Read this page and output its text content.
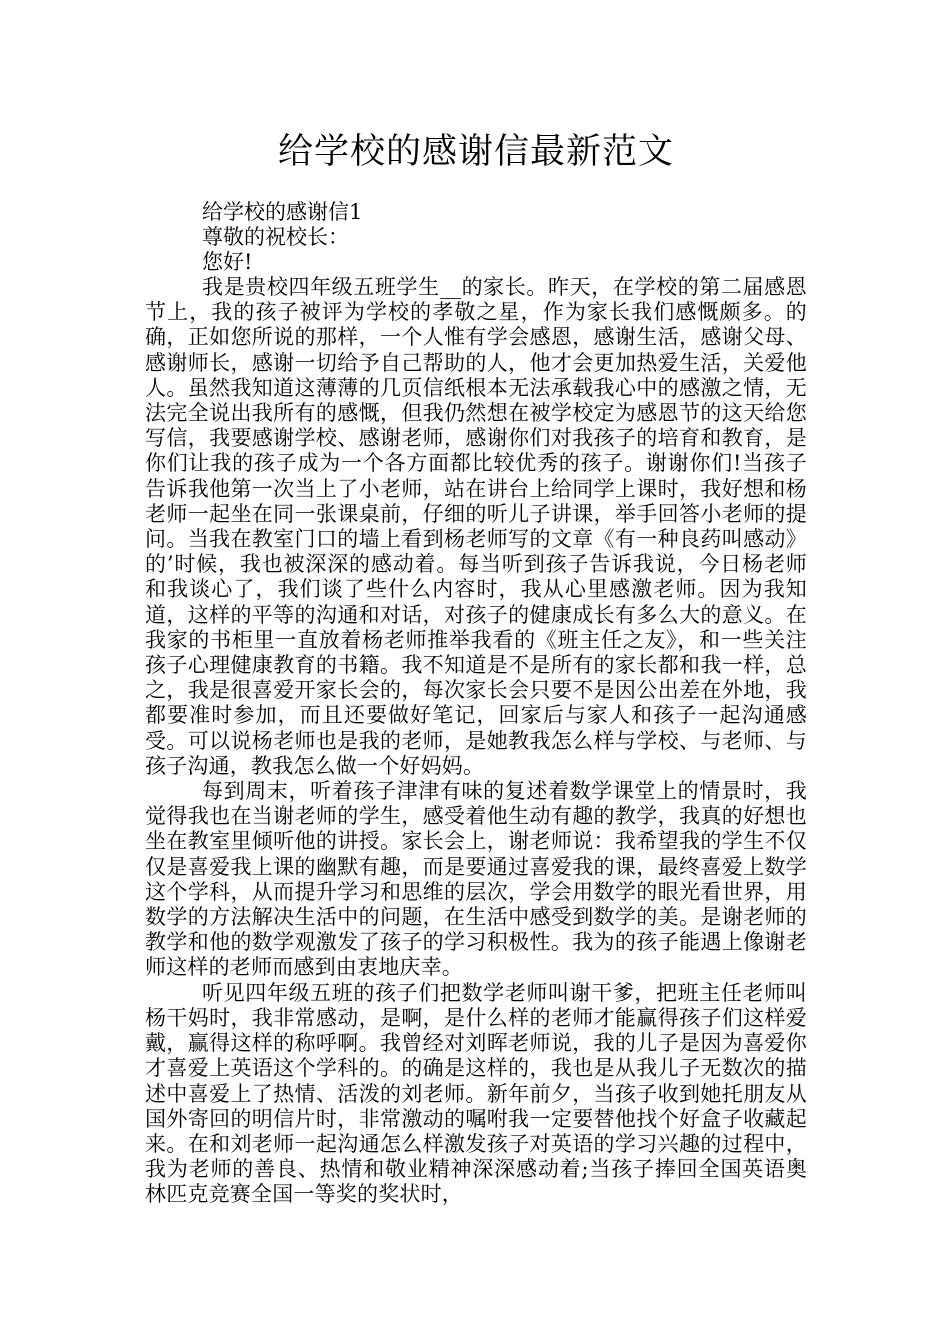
给学校的感谢信最新范文

给学校的感谢信1

尊敬的祝校长：

您好!

我是贵校四年级五班学生__的家长。昨天，在学校的第二届感恩节上，我的孩子被评为学校的孝敬之星，作为家长我们感慨颇多。的确，正如您所说的那样，一个人惟有学会感恩，感谢生活，感谢父母、感谢师长，感谢一切给予自己帮助的人，他才会更加热爱生活，关爱他人。虽然我知道这薄薄的几页信纸根本无法承载我心中的感激之情，无法完全说出我所有的感慨，但我仍然想在被学校定为感恩节的这天给您写信，我要感谢学校、感谢老师，感谢你们对我孩子的培育和教育，是你们让我的孩子成为一个各方面都比较优秀的孩子。谢谢你们!当孩子告诉我他第一次当上了小老师，站在讲台上给同学上课时，我好想和杨老师一起坐在同一张课桌前，仔细的听儿子讲课，举手回答小老师的提问。当我在教室门口的墙上看到杨老师写的文章《有一种良药叫感动》的’时候，我也被深深的感动着。每当听到孩子告诉我说，今日杨老师和我谈心了，我们谈了些什么内容时，我从心里感激老师。因为我知道，这样的平等的沟通和对话，对孩子的健康成长有多么大的意义。在我家的书柜里一直放着杨老师推举我看的《班主任之友》，和一些关注孩子心理健康教育的书籍。我不知道是不是所有的家长都和我一样，总之，我是很喜爱开家长会的，每次家长会只要不是因公出差在外地，我都要准时参加，而且还要做好笔记，回家后与家人和孩子一起沟通感受。可以说杨老师也是我的老师，是她教我怎么样与学校、与老师、与孩子沟通，教我怎么做一个好妈妈。

每到周末，听着孩子津津有味的复述着数学课堂上的情景时，我觉得我也在当谢老师的学生，感受着他生动有趣的教学，我真的好想也坐在教室里倾听他的讲授。家长会上，谢老师说：我希望我的学生不仅仅是喜爱我上课的幽默有趣，而是要通过喜爱我的课，最终喜爱上数学这个学科，从而提升学习和思维的层次，学会用数学的眼光看世界，用数学的方法解决生活中的问题，在生活中感受到数学的美。是谢老师的教学和他的数学观激发了孩子的学习积极性。我为的孩子能遇上像谢老师这样的老师而感到由衷地庆幸。

听见四年级五班的孩子们把数学老师叫谢干爹，把班主任老师叫杨干妈时，我非常感动，是啊，是什么样的老师才能赢得孩子们这样爱戴，赢得这样的称呼啊。我曾经对刘晖老师说，我的儿子是因为喜爱你才喜爱上英语这个学科的。的确是这样的，我也是从我儿子无数次的描述中喜爱上了热情、活泼的刘老师。新年前夕，当孩子收到她托朋友从国外寄回的明信片时，非常激动的嘱咐我一定要替他找个好盒子收藏起来。在和刘老师一起沟通怎么样激发孩子对英语的学习兴趣的过程中，我为老师的善良、热情和敬业精神深深感动着;当孩子捧回全国英语奥林匹克竞赛全国一等奖的奖状时，
